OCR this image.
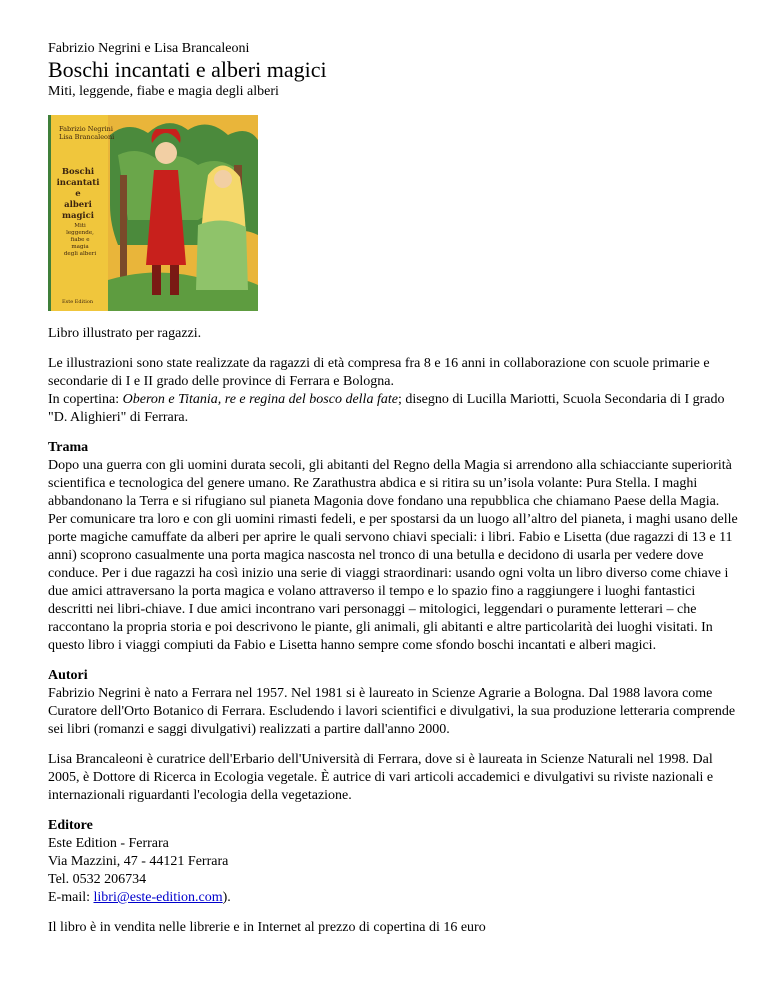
Fabrizio Negrini e Lisa Brancaleoni
Boschi incantati e alberi magici
Miti, leggende, fiabe e magia degli alberi
Fabrizio Negrini
Lisa Brancaleoni
Boschi incantati
e
alberi magici
Miti leggende,
fiabe e magia
degli alberi
Este Edition

Libro illustrato per ragazzi.

Le illustrazioni sono state realizzate da ragazzi di età compresa fra 8 e 16 anni in collaborazione con scuole primarie e secondarie di I e II grado delle province di Ferrara e Bologna.
In copertina: Oberon e Titania, re e regina del bosco della fate; disegno di Lucilla Mariotti, Scuola Secondaria di I grado "D. Alighieri" di Ferrara.

Trama
Dopo una guerra con gli uomini durata secoli, gli abitanti del Regno della Magia si arrendono alla schiacciante superiorità scientifica e tecnologica del genere umano. Re Zarathustra abdica e si ritira su un’isola volante: Pura Stella. I maghi abbandonano la Terra e si rifugiano sul pianeta Magonia dove fondano una repubblica che chiamano Paese della Magia. Per comunicare tra loro e con gli uomini rimasti fedeli, e per spostarsi da un luogo all’altro del pianeta, i maghi usano delle porte magiche camuffate da alberi per aprire le quali servono chiavi speciali: i libri. Fabio e Lisetta (due ragazzi di 13 e 11 anni) scoprono casualmente una porta magica nascosta nel tronco di una betulla e decidono di usarla per vedere dove conduce. Per i due ragazzi ha così inizio una serie di viaggi straordinari: usando ogni volta un libro diverso come chiave i due amici attraversano la porta magica e volano attraverso il tempo e lo spazio fino a raggiungere i luoghi fantastici descritti nei libri-chiave. I due amici incontrano vari personaggi – mitologici, leggendari o puramente letterari – che raccontano la propria storia e poi descrivono le piante, gli animali, gli abitanti e altre particolarità dei luoghi visitati. In questo libro i viaggi compiuti da Fabio e Lisetta hanno sempre come sfondo boschi incantati e alberi magici.

Autori
Fabrizio Negrini è nato a Ferrara nel 1957. Nel 1981 si è laureato in Scienze Agrarie a Bologna. Dal 1988 lavora come Curatore dell'Orto Botanico di Ferrara. Escludendo i lavori scientifici e divulgativi, la sua produzione letteraria comprende sei libri (romanzi e saggi divulgativi) realizzati a partire dall'anno 2000.

Lisa Brancaleoni è curatrice dell'Erbario dell'Università di Ferrara, dove si è laureata in Scienze Naturali nel 1998. Dal 2005, è Dottore di Ricerca in Ecologia vegetale. È autrice di vari articoli accademici e divulgativi su riviste nazionali e internazionali riguardanti l'ecologia della vegetazione.

Editore
Este Edition - Ferrara
Via Mazzini, 47 - 44121 Ferrara
Tel. 0532 206734
E-mail: libri@este-edition.com).

Il libro è in vendita nelle librerie e in Internet al prezzo di copertina di 16 euro
